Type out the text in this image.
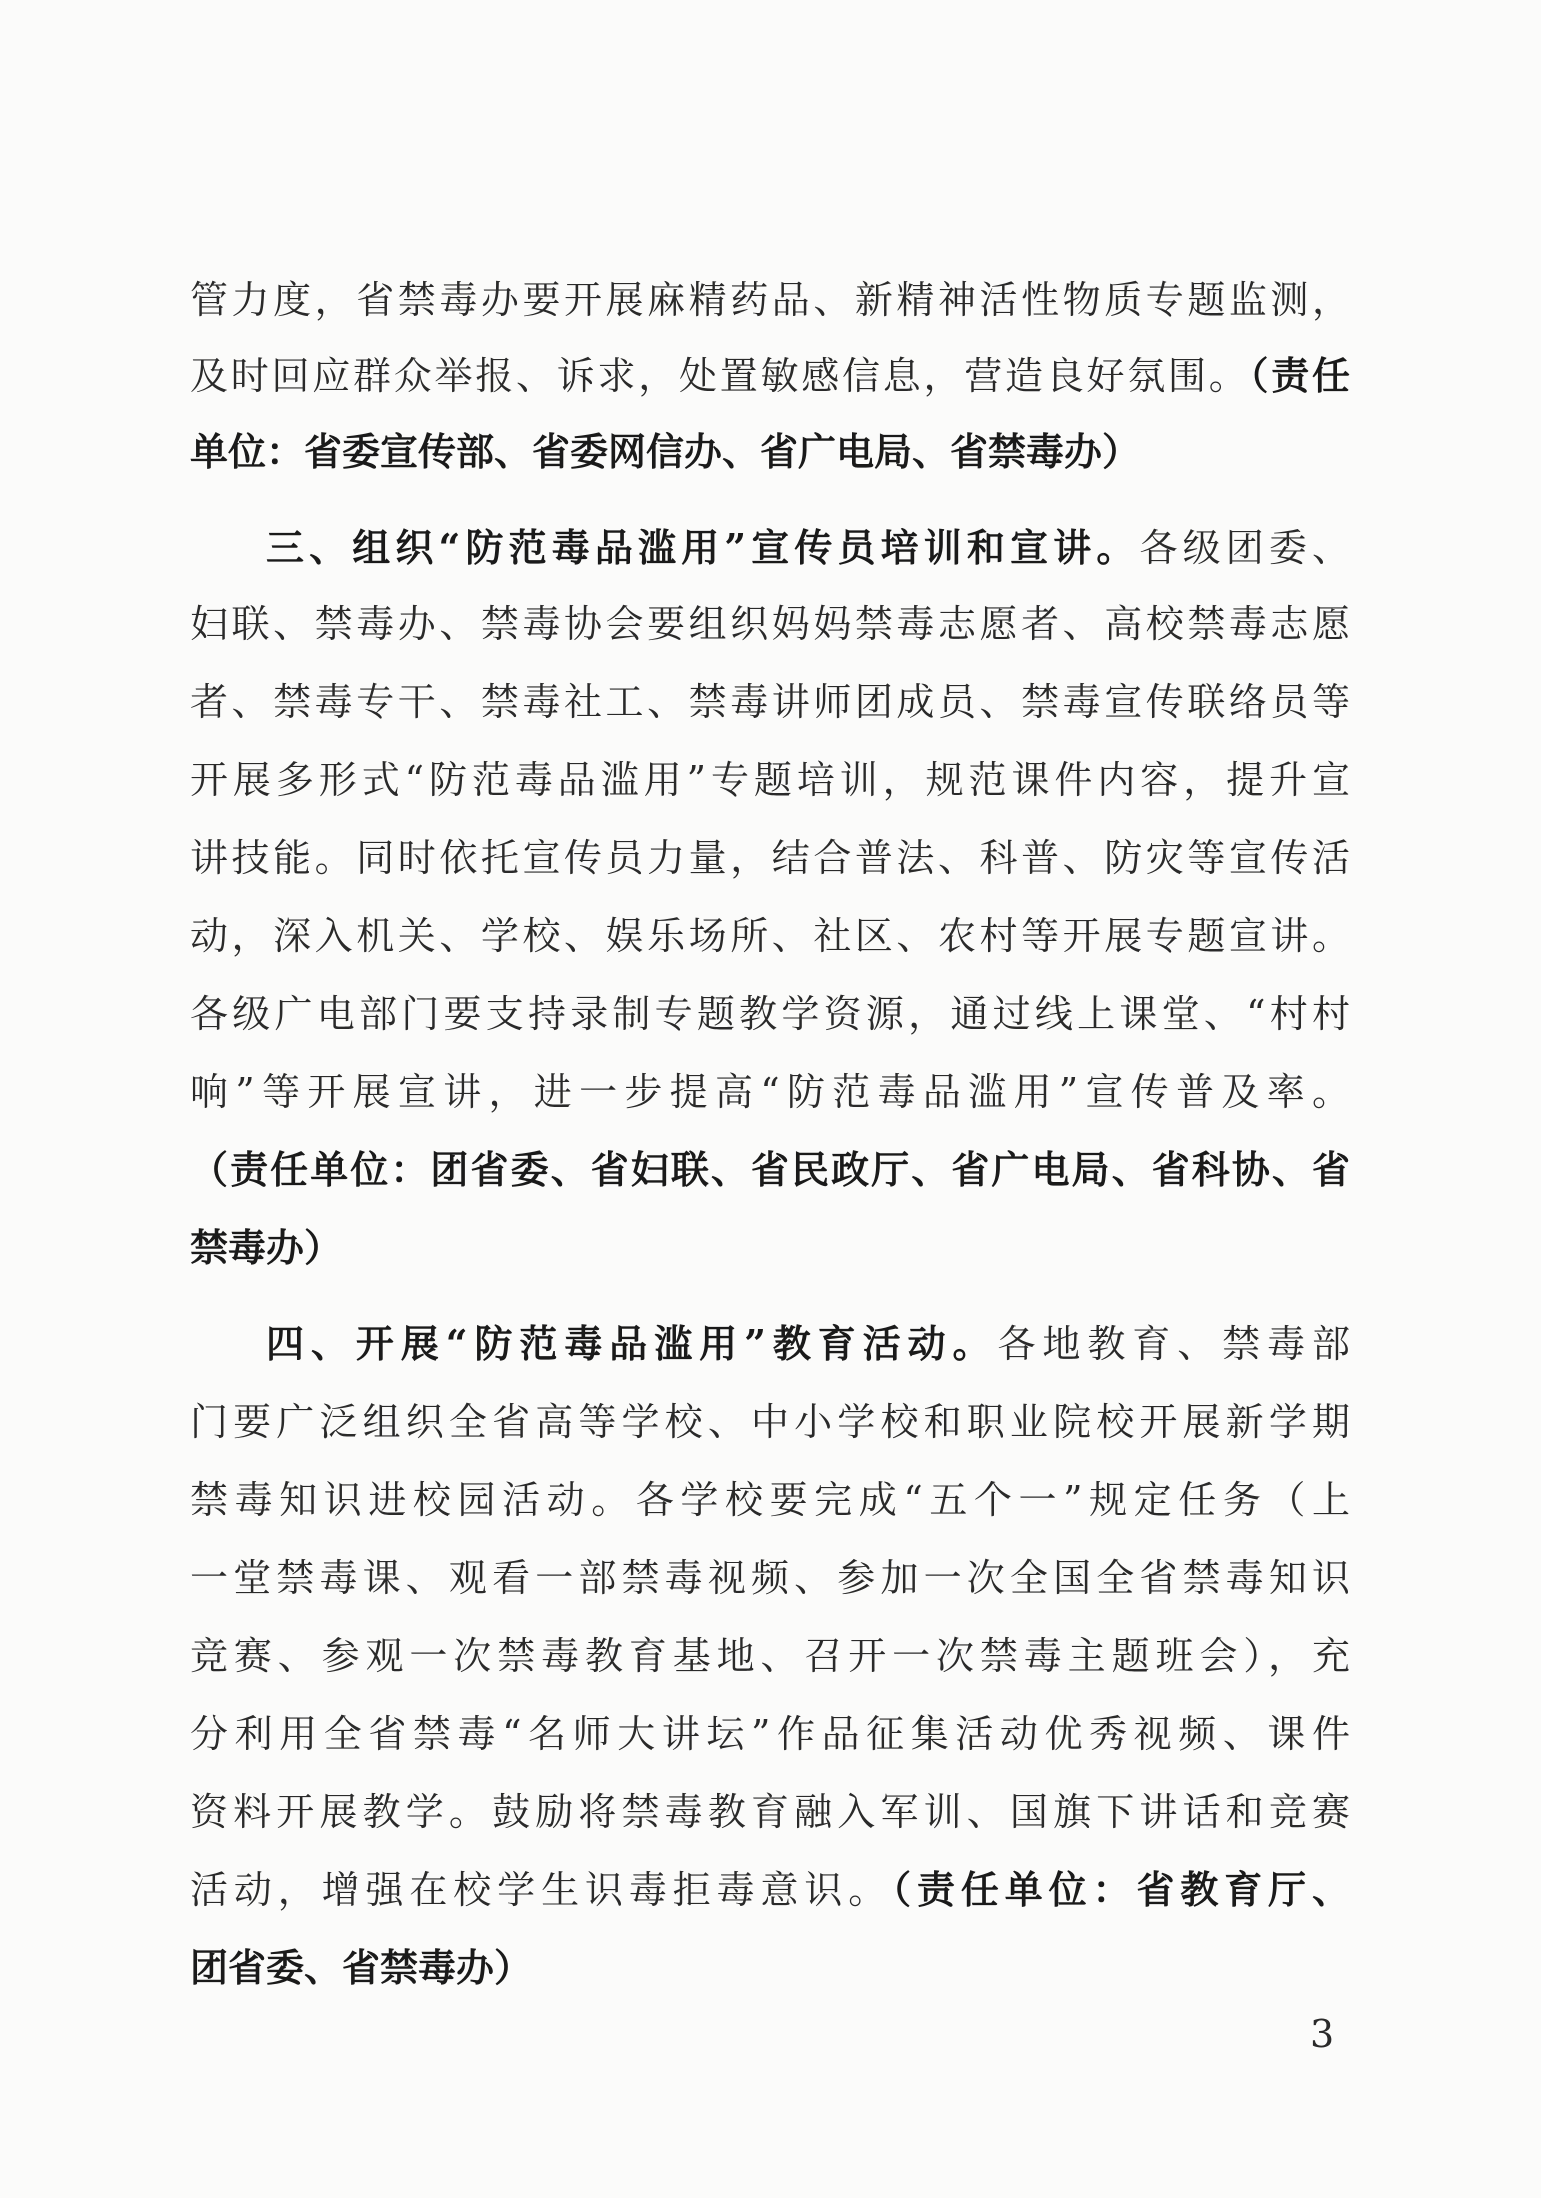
管力度，省禁毒办要开展麻精药品、新精神活性物质专题监测，
及时回应群众举报、诉求，处置敏感信息，营造良好氛围。（责任
单位：省委宣传部、省委网信办、省广电局、省禁毒办）
三、组织“防范毒品滥用”宣传员培训和宣讲。各级团委、
妇联、禁毒办、禁毒协会要组织妈妈禁毒志愿者、高校禁毒志愿
者、禁毒专干、禁毒社工、禁毒讲师团成员、禁毒宣传联络员等
开展多形式“防范毒品滥用”专题培训，规范课件内容，提升宣
讲技能。同时依托宣传员力量，结合普法、科普、防灾等宣传活
动，深入机关、学校、娱乐场所、社区、农村等开展专题宣讲。
各级广电部门要支持录制专题教学资源，通过线上课堂、“村村
响”等开展宣讲，进一步提高“防范毒品滥用”宣传普及率。
（责任单位：团省委、省妇联、省民政厅、省广电局、省科协、省
禁毒办）
四、开展“防范毒品滥用”教育活动。各地教育、禁毒部
门要广泛组织全省高等学校、中小学校和职业院校开展新学期
禁毒知识进校园活动。各学校要完成“五个一”规定任务（上
一堂禁毒课、观看一部禁毒视频、参加一次全国全省禁毒知识
竞赛、参观一次禁毒教育基地、召开一次禁毒主题班会），充
分利用全省禁毒“名师大讲坛”作品征集活动优秀视频、课件
资料开展教学。鼓励将禁毒教育融入军训、国旗下讲话和竞赛
活动，增强在校学生识毒拒毒意识。（责任单位：省教育厅、
团省委、省禁毒办）
3
